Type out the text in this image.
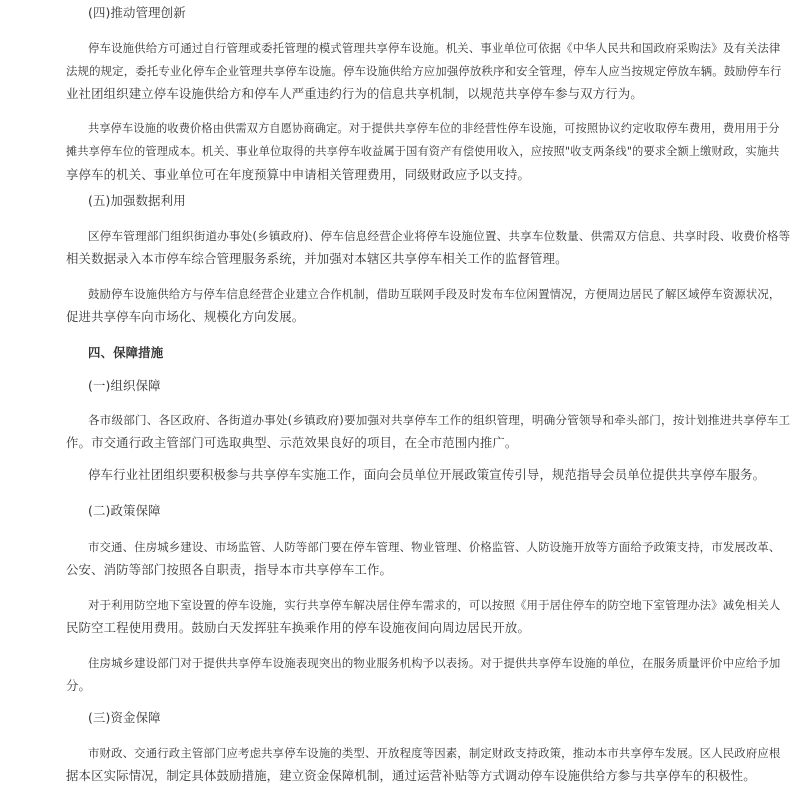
(四)推动管理创新
停车设施供给方可通过自行管理或委托管理的模式管理共享停车设施。机关、事业单位可依据《中华人民共和国政府采购法》及有关法律
法规的规定，委托专业化停车企业管理共享停车设施。停车设施供给方应加强停放秩序和安全管理，停车人应当按规定停放车辆。鼓励停车行
业社团组织建立停车设施供给方和停车人严重违约行为的信息共享机制，以规范共享停车参与双方行为。
共享停车设施的收费价格由供需双方自愿协商确定。对于提供共享停车位的非经营性停车设施，可按照协议约定收取停车费用，费用用于分
摊共享停车位的管理成本。机关、事业单位取得的共享停车收益属于国有资产有偿使用收入，应按照"收支两条线"的要求全额上缴财政，实施共
享停车的机关、事业单位可在年度预算中申请相关管理费用，同级财政应予以支持。
(五)加强数据利用
区停车管理部门组织街道办事处(乡镇政府)、停车信息经营企业将停车设施位置、共享车位数量、供需双方信息、共享时段、收费价格等
相关数据录入本市停车综合管理服务系统，并加强对本辖区共享停车相关工作的监督管理。
鼓励停车设施供给方与停车信息经营企业建立合作机制，借助互联网手段及时发布车位闲置情况，方便周边居民了解区域停车资源状况，
促进共享停车向市场化、规模化方向发展。
四、保障措施
(一)组织保障
各市级部门、各区政府、各街道办事处(乡镇政府)要加强对共享停车工作的组织管理，明确分管领导和牵头部门，按计划推进共享停车工
作。市交通行政主管部门可选取典型、示范效果良好的项目，在全市范围内推广。
停车行业社团组织要积极参与共享停车实施工作，面向会员单位开展政策宣传引导，规范指导会员单位提供共享停车服务。
(二)政策保障
市交通、住房城乡建设、市场监管、人防等部门要在停车管理、物业管理、价格监管、人防设施开放等方面给予政策支持，市发展改革、
公安、消防等部门按照各自职责，指导本市共享停车工作。
对于利用防空地下室设置的停车设施，实行共享停车解决居住停车需求的，可以按照《用于居住停车的防空地下室管理办法》减免相关人
民防空工程使用费用。鼓励白天发挥驻车换乘作用的停车设施夜间向周边居民开放。
住房城乡建设部门对于提供共享停车设施表现突出的物业服务机构予以表扬。对于提供共享停车设施的单位，在服务质量评价中应给予加
分。
(三)资金保障
市财政、交通行政主管部门应考虑共享停车设施的类型、开放程度等因素，制定财政支持政策，推动本市共享停车发展。区人民政府应根
据本区实际情况，制定具体鼓励措施，建立资金保障机制，通过运营补贴等方式调动停车设施供给方参与共享停车的积极性。
